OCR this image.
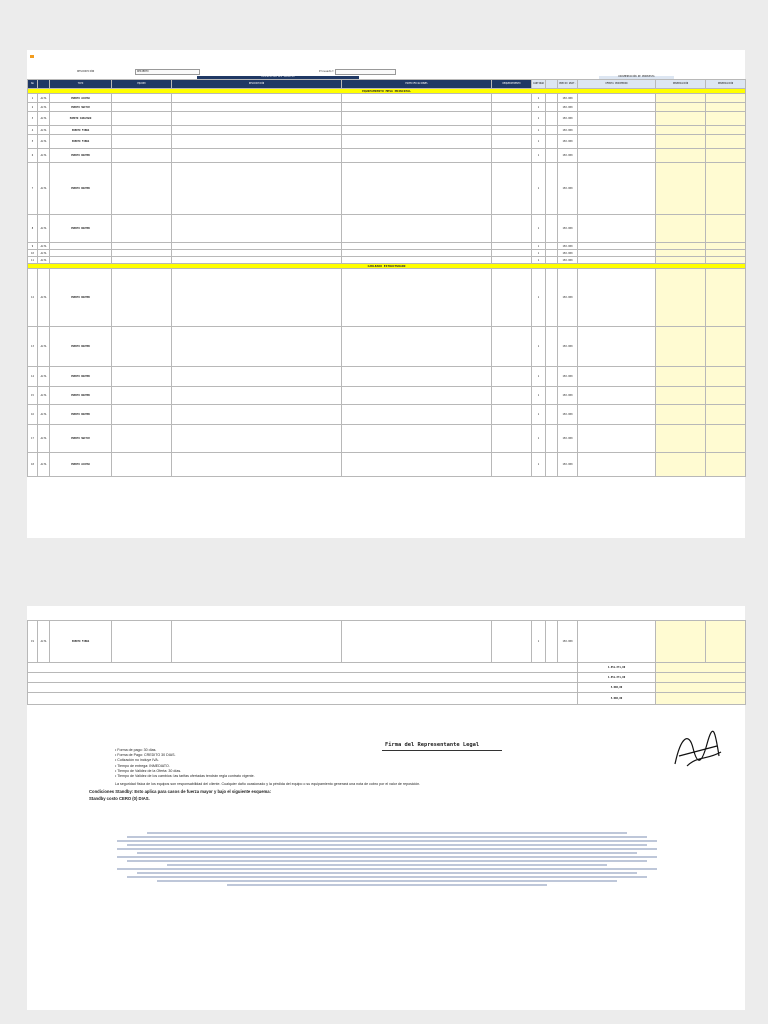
DESCRIPCIÓN	DESIERTO	Proveedor:
DESCRIPCIÓN DEL SERVICIO	DOCUMENTACIÓN DE PROPUESTA
No		TIPO	EQUIPO	DESCRIPCIÓN	ESPECIFICACIONES	REQUERIMIENTO	CANTIDAD		PRECIO UNIT.	OFERTA PROVEEDOR	OBSERVACIÓN	OBSERVACIÓN
EQUIPAMIENTO MESA PRINCIPAL												
1	ALTA	PUERTO ACCESO					1		150.000			
2	ALTA	PUERTO SWITCH					1		150.000			
3	ALTA	PUERTO CABLEADO					1		150.000			
4	ALTA	PUERTO FIBRA					1		150.000			
5	ALTA	PUERTO FIBRA					1		150.000			
6	ALTA	PUERTO ROUTER					1		150.000			
7	ALTA	PUERTO ROUTER					1		150.000			
8	ALTA	PUERTO ROUTER					1		150.000			
9	ALTA						1		150.000			
10	ALTA						1		150.000			
11	ALTA						1		150.000			
CABLEADO ESTRUCTURADO												
12	ALTA	PUERTO ROUTER					1		150.000			
13	ALTA	PUERTO ROUTER					1		150.000			
14	ALTA	PUERTO ROUTER					1		150.000			
15	ALTA	PUERTO ROUTER					1		150.000			
16	ALTA	PUERTO ROUTER					1		150.000			
17	ALTA	PUERTO SWITCH					1		150.000			
18	ALTA	PUERTO ACCESO					1		150.000			
19	ALTA	PUERTO FIBRA					1		150.000			
										4.851.871,00		
										4.851.871,00		
										5.000,00		
										5.000,00		
Firma del Representante Legal
• Forma de pago: 30 días.
• Forma de Pago: CREDITO 30 DIAS.
• Cotización no incluye IVA.
• Tiempo de entrega: INMEDIATO.
• Tiempo de Validez de la Oferta: 30 días.
• Tiempo de Validez de los cambios: las tarifas ofertadas tendrán regla contrato vigente.
La seguridad física de los equipos son responsabilidad del cliente. Cualquier daño ocasionado y la pérdida del equipo o su equipamiento generará una nota de cobro por el valor de reposición.
Condiciones Standby: Esto aplica para casos de fuerza mayor y bajo el siguiente esquema:
Standby costo CERO (0) DIAS.
